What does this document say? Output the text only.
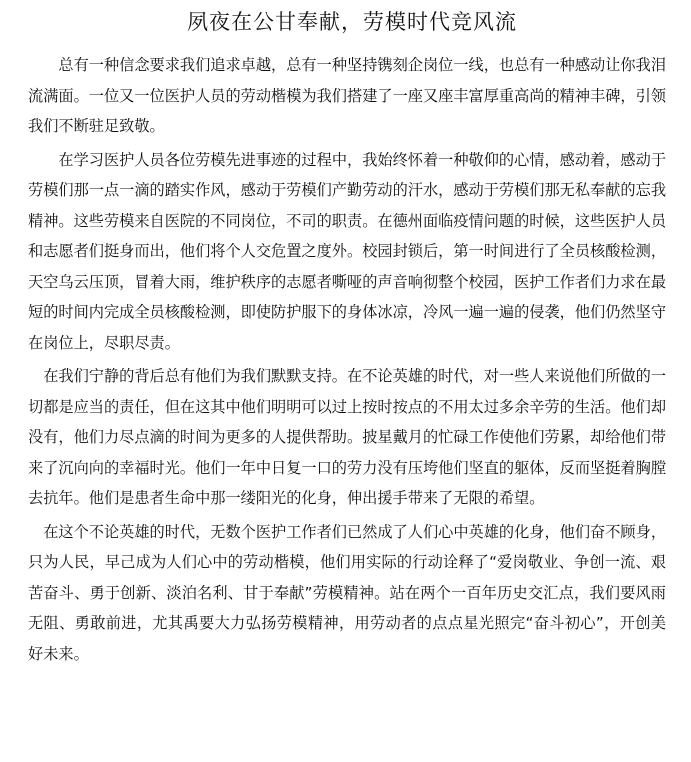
夙夜在公甘奉献，劳模时代竞风流

总有一种信念要求我们追求卓越，总有一种坚持镌刻企岗位一线，也总有一种感动让你我泪流满面。一位又一位医护人员的劳动楷模为我们搭建了一座又座丰富厚重高尚的精神丰碑，引领我们不断驻足致敬。

在学习医护人员各位劳模先进事迹的过程中，我始终怀着一种敬仰的心情，感动着，感动于劳模们那一点一滴的踏实作风，感动于劳模们产勤劳动的汗水，感动于劳模们那无私奉献的忘我精神。这些劳模来自医院的不同岗位，不司的职责。在德州面临疫情问题的时候，这些医护人员和志愿者们挺身而出，他们将个人交危置之度外。校园封锁后，第一时间进行了全员核酸检测，天空乌云压顶，冒着大雨，维护秩序的志愿者嘶哑的声音响彻整个校园，医护工作者们力求在最短的时间内完成全员核酸检测，即使防护服下的身体冰凉，冷风一遍一遍的侵袭，他们仍然坚守在岗位上，尽职尽责。

在我们宁静的背后总有他们为我们默默支持。在不论英雄的时代，对一些人来说他们所做的一切都是应当的责任，但在这其中他们明明可以过上按时按点的不用太过多余辛劳的生活。他们却没有，他们力尽点滴的时间为更多的人提供帮助。披星戴月的忙碌工作使他们劳累，却给他们带来了沉向向的幸福时光。他们一年中日复一口的劳力没有压垮他们坚直的躯体，反而坚挺着胸膛去抗年。他们是患者生命中那一缕阳光的化身，伸出援手带来了无限的希望。

在这个不论英雄的时代，无数个医护工作者们已然成了人们心中英雄的化身，他们奋不顾身，只为人民，早己成为人们心中的劳动楷模，他们用实际的行动诠释了“爱岗敬业、争创一流、艰苦奋斗、勇于创新、淡泊名利、甘于奉献”劳模精神。站在两个一百年历史交汇点，我们要风雨无阻、勇敢前进，尤其禹要大力弘扬劳模精神，用劳动者的点点星光照完“奋斗初心”，开创美好未来。
